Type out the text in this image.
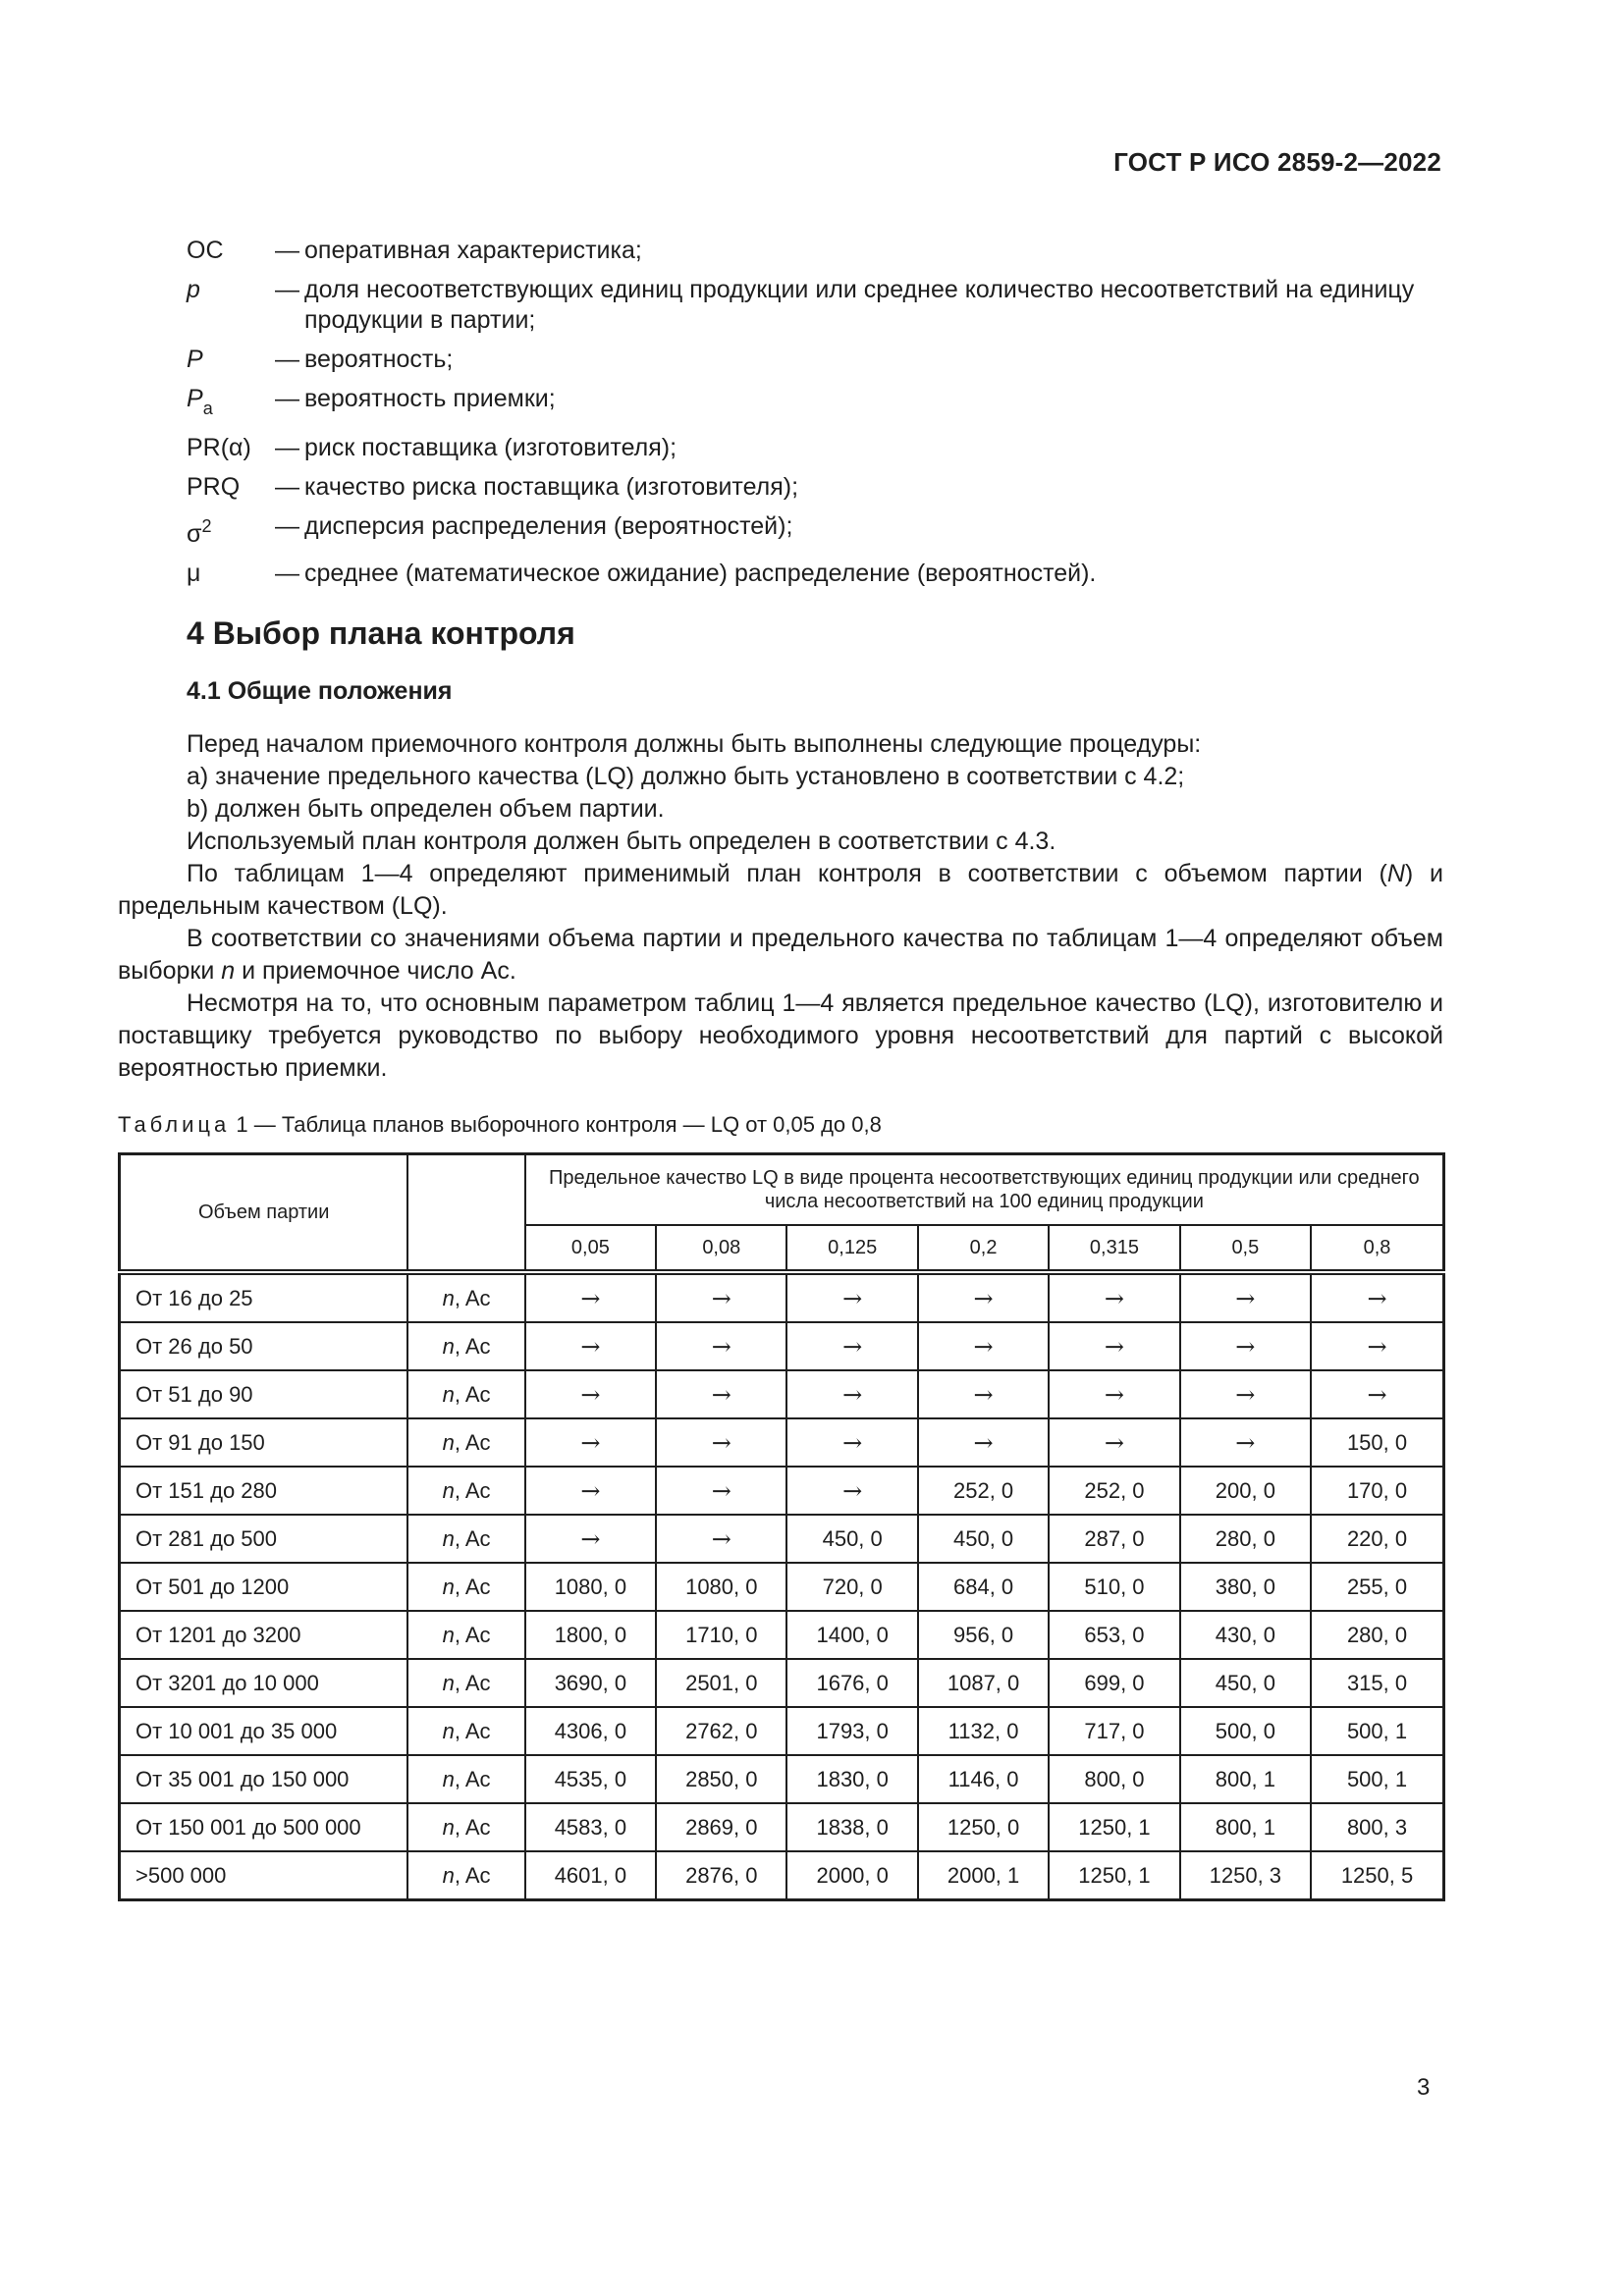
ГОСТ Р ИСО 2859-2—2022
OC	— оперативная характеристика;
p	— доля несоответствующих единиц продукции или среднее количество несоответствий на единицу продукции в партии;
P	— вероятность;
$P_a$	— вероятность приемки;
PR(α) — риск поставщика (изготовителя);
PRQ	— качество риска поставщика (изготовителя);
$\sigma^2$	— дисперсия распределения (вероятностей);
μ	— среднее (математическое ожидание) распределение (вероятностей).
4 Выбор плана контроля
4.1 Общие положения

Перед началом приемочного контроля должны быть выполнены следующие процедуры:

a) значение предельного качества (LQ) должно быть установлено в соответствии с 4.2;

b) должен быть определен объем партии.

Используемый план контроля должен быть определен в соответствии с 4.3.

По таблицам 1—4 определяют применимый план контроля в соответствии с объемом партии (N) и предельным качеством (LQ).

В соответствии со значениями объема партии и предельного качества по таблицам 1—4 определяют объем выборки n и приемочное число Ac.

Несмотря на то, что основным параметром таблиц 1—4 является предельное качество (LQ), изготовителю и поставщику требуется руководство по выбору необходимого уровня несоответствий для партий с высокой вероятностью приемки.

Таблица 1 — Таблица планов выборочного контроля — LQ от 0,05 до 0,8
Объем партии		Предельное качество LQ в виде процента несоответствующих единиц продукции или среднего числа несоответствий на 100 единиц продукции						
		0,05	0,08	0,125	0,2	0,315	0,5	0,8
От 16 до 25	n, Ac	→	→	→	→	→	→	→
От 26 до 50	n, Ac	→	→	→	→	→	→	→
От 51 до 90	n, Ac	→	→	→	→	→	→	→
От 91 до 150	n, Ac	→	→	→	→	→	→	150, 0
От 151 до 280	n, Ac	→	→	→	252, 0	252, 0	200, 0	170, 0
От 281 до 500	n, Ac	→	→	450, 0	450, 0	287, 0	280, 0	220, 0
От 501 до 1200	n, Ac	1080, 0	1080, 0	720, 0	684, 0	510, 0	380, 0	255, 0
От 1201 до 3200	n, Ac	1800, 0	1710, 0	1400, 0	956, 0	653, 0	430, 0	280, 0
От 3201 до 10 000	n, Ac	3690, 0	2501, 0	1676, 0	1087, 0	699, 0	450, 0	315, 0
От 10 001 до 35 000	n, Ac	4306, 0	2762, 0	1793, 0	1132, 0	717, 0	500, 0	500, 1
От 35 001 до 150 000	n, Ac	4535, 0	2850, 0	1830, 0	1146, 0	800, 0	800, 1	500, 1
От 150 001 до 500 000	n, Ac	4583, 0	2869, 0	1838, 0	1250, 0	1250, 1	800, 1	800, 3
>500 000	n, Ac	4601, 0	2876, 0	2000, 0	2000, 1	1250, 1	1250, 3	1250, 5
3
